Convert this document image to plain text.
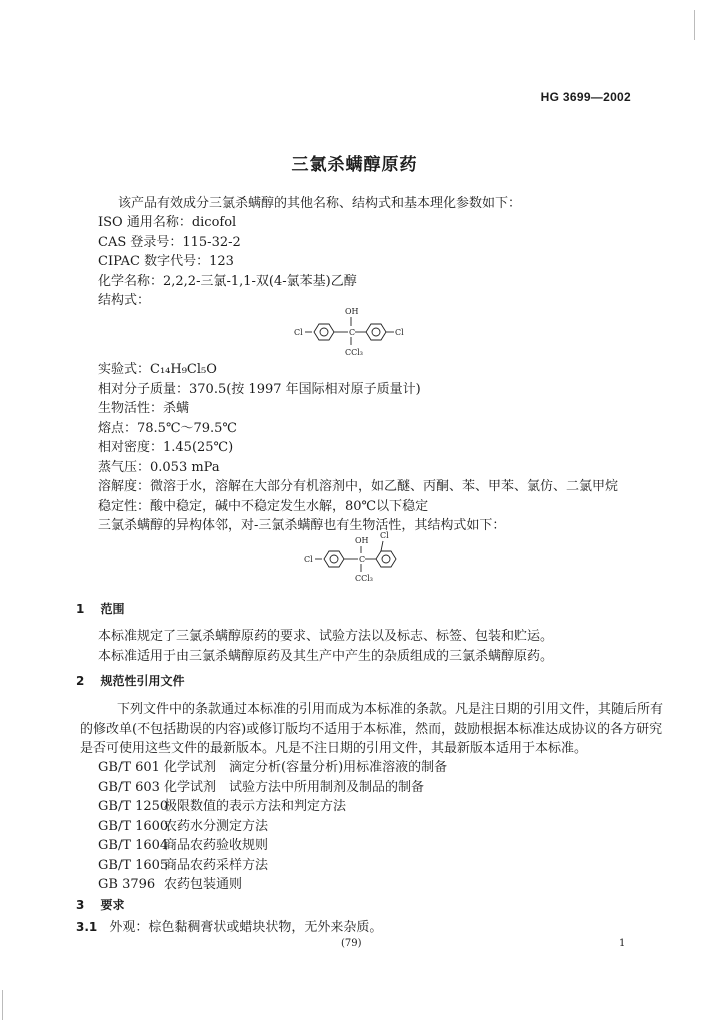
HG 3699—2002
三氯杀螨醇原药
该产品有效成分三氯杀螨醇的其他名称、结构式和基本理化参数如下：
ISO 通用名称：dicofol
CAS 登录号：115-32-2
CIPAC 数字代号：123
化学名称：2,2,2-三氯-1,1-双(4-氯苯基)乙醇
结构式：
Cl	C
OH
CCl₃
Cl
实验式：C₁₄H₉Cl₅O
相对分子质量：370.5(按 1997 年国际相对原子质量计)
生物活性：杀螨
熔点：78.5℃～79.5℃
相对密度：1.45(25℃)
蒸气压：0.053 mPa
溶解度：微溶于水，溶解在大部分有机溶剂中，如乙醚、丙酮、苯、甲苯、氯仿、二氯甲烷
稳定性：酸中稳定，碱中不稳定发生水解，80℃以下稳定
三氯杀螨醇的异构体邻，对-三氯杀螨醇也有生物活性，其结构式如下：
Cl	C
OH
CCl₃
Cl
1 范围
本标准规定了三氯杀螨醇原药的要求、试验方法以及标志、标签、包装和贮运。
本标准适用于由三氯杀螨醇原药及其生产中产生的杂质组成的三氯杀螨醇原药。
2 规范性引用文件
下列文件中的条款通过本标准的引用而成为本标准的条款。凡是注日期的引用文件，其随后所有
的修改单(不包括勘误的内容)或修订版均不适用于本标准，然而，鼓励根据本标准达成协议的各方研究
是否可使用这些文件的最新版本。凡是不注日期的引用文件，其最新版本适用于本标准。
GB/T 601 化学试剂　滴定分析(容量分析)用标准溶液的制备
GB/T 603 化学试剂　试验方法中所用制剂及制品的制备
GB/T 1250极限数值的表示方法和判定方法
GB/T 1600农药水分测定方法
GB/T 1604商品农药验收规则
GB/T 1605商品农药采样方法
GB 3796 农药包装通则
3 要求
3.1 外观：棕色黏稠膏状或蜡块状物，无外来杂质。
(79)	1
